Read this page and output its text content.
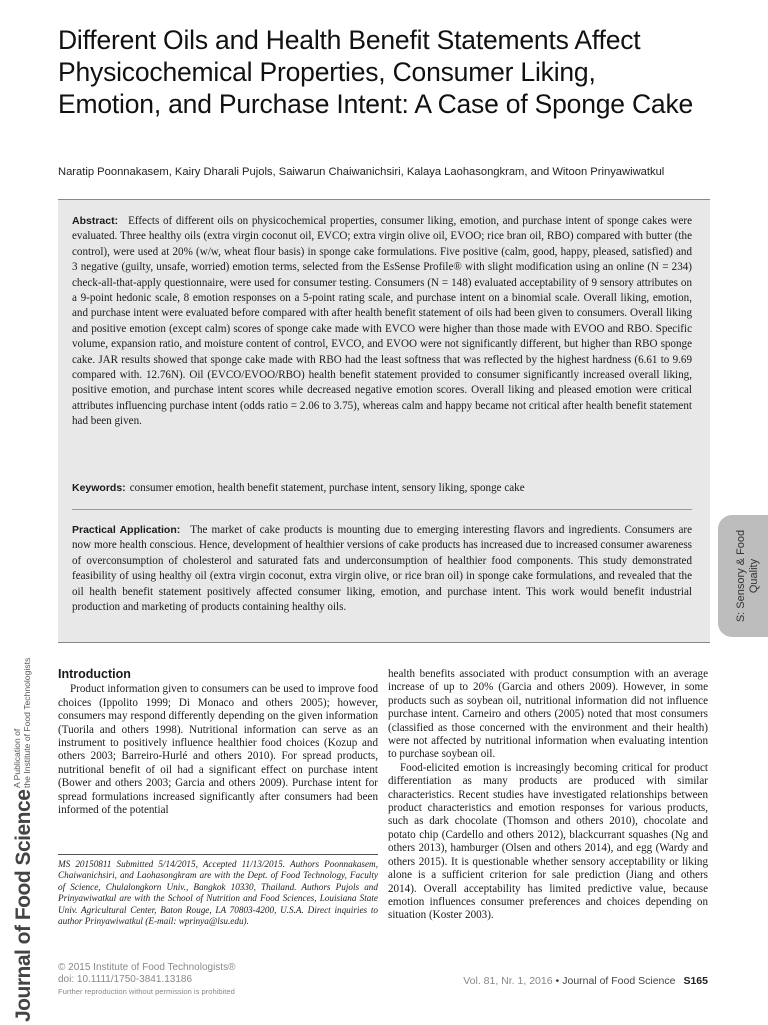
Different Oils and Health Benefit Statements Affect Physicochemical Properties, Consumer Liking, Emotion, and Purchase Intent: A Case of Sponge Cake
Naratip Poonnakasem, Kairy Dharali Pujols, Saiwarun Chaiwanichsiri, Kalaya Laohasongkram, and Witoon Prinyawiwatkul

Abstract: Effects of different oils on physicochemical properties, consumer liking, emotion, and purchase intent of sponge cakes were evaluated. Three healthy oils (extra virgin coconut oil, EVCO; extra virgin olive oil, EVOO; rice bran oil, RBO) compared with butter (the control), were used at 20% (w/w, wheat flour basis) in sponge cake formulations. Five positive (calm, good, happy, pleased, satisfied) and 3 negative (guilty, unsafe, worried) emotion terms, selected from the EsSense Profile® with slight modification using an online (N = 234) check-all-that-apply questionnaire, were used for consumer testing. Consumers (N = 148) evaluated acceptability of 9 sensory attributes on a 9-point hedonic scale, 8 emotion responses on a 5-point rating scale, and purchase intent on a binomial scale. Overall liking, emotion, and purchase intent were evaluated before compared with after health benefit statement of oils had been given to consumers. Overall liking and positive emotion (except calm) scores of sponge cake made with EVCO were higher than those made with EVOO and RBO. Specific volume, expansion ratio, and moisture content of control, EVCO, and EVOO were not significantly different, but higher than RBO sponge cake. JAR results showed that sponge cake made with RBO had the least softness that was reflected by the highest hardness (6.61 to 9.69 compared with. 12.76N). Oil (EVCO/EVOO/RBO) health benefit statement provided to consumer significantly increased overall liking, positive emotion, and purchase intent scores while decreased negative emotion scores. Overall liking and pleased emotion were critical attributes influencing purchase intent (odds ratio = 2.06 to 3.75), whereas calm and happy became not critical after health benefit statement had been given.

Keywords: consumer emotion, health benefit statement, purchase intent, sensory liking, sponge cake

Practical Application: The market of cake products is mounting due to emerging interesting flavors and ingredients. Consumers are now more health conscious. Hence, development of healthier versions of cake products has increased due to increased consumer awareness of overconsumption of cholesterol and saturated fats and underconsumption of healthier food components. This study demonstrated feasibility of using healthy oil (extra virgin coconut, extra virgin olive, or rice bran oil) in sponge cake formulations, and revealed that the oil health benefit statement positively affected consumer liking, emotion, and purchase intent. This work would benefit industrial production and marketing of products containing healthy oils.	S: Sensory & Food Quality
Journal of Food Science
A Publication of the Institute of Food Technologists Introduction

Product information given to consumers can be used to improve food choices (Ippolito 1999; Di Monaco and others 2005); however, consumers may respond differently depending on the given information (Tuorila and others 1998). Nutritional information can serve as an instrument to positively influence healthier food choices (Kozup and others 2003; Barreiro-Hurlé and others 2010). For spread products, nutritional benefit of oil had a significant effect on purchase intent (Bower and others 2003; Garcia and others 2009). Purchase intent for spread formulations increased significantly after consumers had been informed of the potential

health benefits associated with product consumption with an average increase of up to 20% (Garcia and others 2009). However, in some products such as soybean oil, nutritional information did not influence purchase intent. Carneiro and others (2005) noted that most consumers (classified as those concerned with the environment and their health) were not affected by nutritional information when evaluating intention to purchase soybean oil.

Food-elicited emotion is increasingly becoming critical for product differentiation as many products are produced with similar characteristics. Recent studies have investigated relationships between product characteristics and emotion responses for various products, such as dark chocolate (Thomson and others 2010), chocolate and potato chip (Cardello and others 2012), blackcurrant squashes (Ng and others 2013), hamburger (Olsen and others 2014), and egg (Wardy and others 2015). It is questionable whether sensory acceptability or liking alone is a sufficient criterion for sale prediction (Jiang and others 2014). Overall acceptability has limited predictive value, because emotion influences consumer preferences and choices depending on situation (Koster 2003).

MS 20150811 Submitted 5/14/2015, Accepted 11/13/2015. Authors Poonnakasem, Chaiwanichsiri, and Laohasongkram are with the Dept. of Food Technology, Faculty of Science, Chulalongkorn Univ., Bangkok 10330, Thailand. Authors Pujols and Prinyawiwatkul are with the School of Nutrition and Food Sciences, Louisiana State Univ. Agricultural Center, Baton Rouge, LA 70803-4200, U.S.A. Direct inquiries to author Prinyawiwatkul (E-mail: wprinya@lsu.edu).
© 2015 Institute of Food Technologists®
doi: 10.1111/1750-3841.13186
Further reproduction without permission is prohibited
Vol. 81, Nr. 1, 2016 • Journal of Food Science S165
